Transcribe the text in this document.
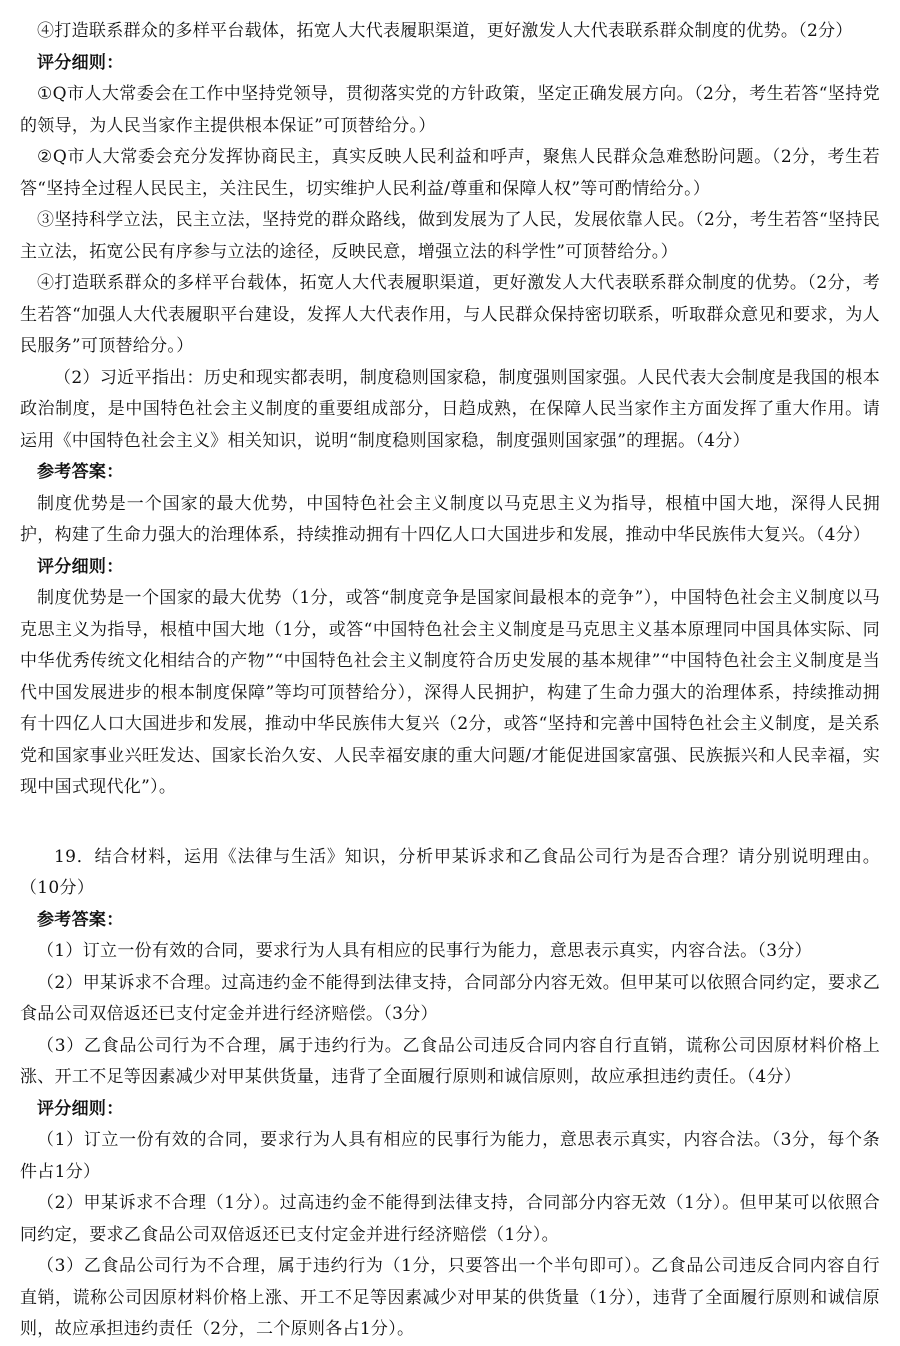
④打造联系群众的多样平台载体，拓宽人大代表履职渠道，更好激发人大代表联系群众制度的优势。（2分）

评分细则：

①Q市人大常委会在工作中坚持党领导，贯彻落实党的方针政策，坚定正确发展方向。（2分，考生若答“坚持党的领导，为人民当家作主提供根本保证”可顶替给分。）

②Q市人大常委会充分发挥协商民主，真实反映人民利益和呼声，聚焦人民群众急难愁盼问题。（2分，考生若答“坚持全过程人民民主，关注民生，切实维护人民利益/尊重和保障人权”等可酌情给分。）

③坚持科学立法，民主立法，坚持党的群众路线，做到发展为了人民，发展依靠人民。（2分，考生若答“坚持民主立法，拓宽公民有序参与立法的途径，反映民意，增强立法的科学性”可顶替给分。）

④打造联系群众的多样平台载体，拓宽人大代表履职渠道，更好激发人大代表联系群众制度的优势。（2分，考生若答“加强人大代表履职平台建设，发挥人大代表作用，与人民群众保持密切联系，听取群众意见和要求，为人民服务”可顶替给分。）

（2）习近平指出：历史和现实都表明，制度稳则国家稳，制度强则国家强。人民代表大会制度是我国的根本政治制度，是中国特色社会主义制度的重要组成部分，日趋成熟，在保障人民当家作主方面发挥了重大作用。请运用《中国特色社会主义》相关知识，说明“制度稳则国家稳，制度强则国家强”的理据。（4分）

参考答案：

制度优势是一个国家的最大优势，中国特色社会主义制度以马克思主义为指导，根植中国大地，深得人民拥护，构建了生命力强大的治理体系，持续推动拥有十四亿人口大国进步和发展，推动中华民族伟大复兴。（4分）

评分细则：

制度优势是一个国家的最大优势（1分，或答“制度竞争是国家间最根本的竞争”），中国特色社会主义制度以马克思主义为指导，根植中国大地（1分，或答“中国特色社会主义制度是马克思主义基本原理同中国具体实际、同中华优秀传统文化相结合的产物”“中国特色社会主义制度符合历史发展的基本规律”“中国特色社会主义制度是当代中国发展进步的根本制度保障”等均可顶替给分），深得人民拥护，构建了生命力强大的治理体系，持续推动拥有十四亿人口大国进步和发展，推动中华民族伟大复兴（2分，或答“坚持和完善中国特色社会主义制度，是关系党和国家事业兴旺发达、国家长治久安、人民幸福安康的重大问题/才能促进国家富强、民族振兴和人民幸福，实现中国式现代化”）。

19．结合材料，运用《法律与生活》知识，分析甲某诉求和乙食品公司行为是否合理？请分别说明理由。（10分）

参考答案：

（1）订立一份有效的合同，要求行为人具有相应的民事行为能力，意思表示真实，内容合法。（3分）

（2）甲某诉求不合理。过高违约金不能得到法律支持，合同部分内容无效。但甲某可以依照合同约定，要求乙食品公司双倍返还已支付定金并进行经济赔偿。（3分）

（3）乙食品公司行为不合理，属于违约行为。乙食品公司违反合同内容自行直销，谎称公司因原材料价格上涨、开工不足等因素减少对甲某供货量，违背了全面履行原则和诚信原则，故应承担违约责任。（4分）

评分细则：

（1）订立一份有效的合同，要求行为人具有相应的民事行为能力，意思表示真实，内容合法。（3分，每个条件占1分）

（2）甲某诉求不合理（1分）。过高违约金不能得到法律支持，合同部分内容无效（1分）。但甲某可以依照合同约定，要求乙食品公司双倍返还已支付定金并进行经济赔偿（1分）。

（3）乙食品公司行为不合理，属于违约行为（1分，只要答出一个半句即可）。乙食品公司违反合同内容自行直销，谎称公司因原材料价格上涨、开工不足等因素减少对甲某的供货量（1分），违背了全面履行原则和诚信原则，故应承担违约责任（2分，二个原则各占1分）。
